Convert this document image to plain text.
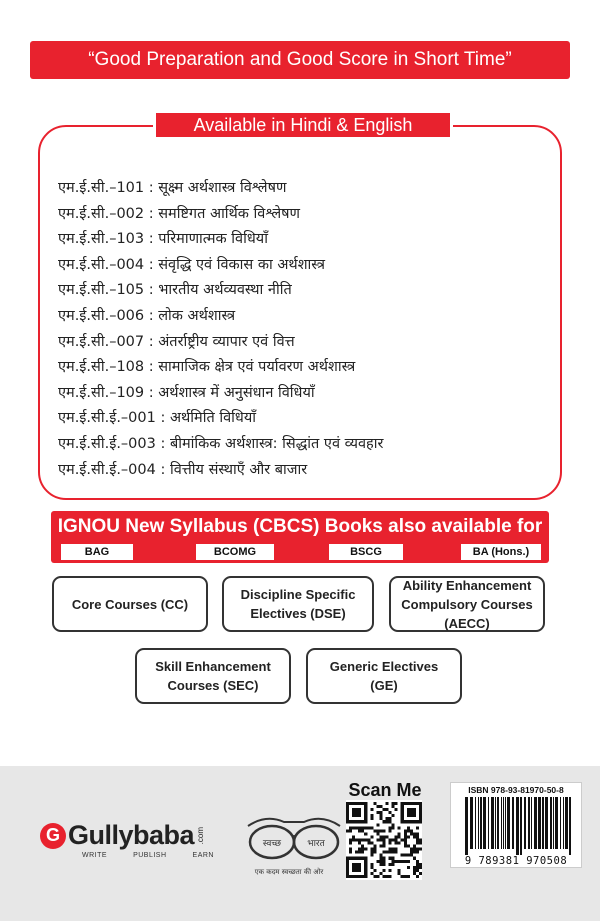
“Good Preparation and Good Score in Short Time”
Available in Hindi & English
एम.ई.सी.–101 : सूक्ष्म अर्थशास्त्र विश्लेषण
एम.ई.सी.–002 : समष्टिगत आर्थिक विश्लेषण
एम.ई.सी.–103 : परिमाणात्मक विधियाँ
एम.ई.सी.–004 : संवृद्धि एवं विकास का अर्थशास्त्र
एम.ई.सी.–105 : भारतीय अर्थव्यवस्था नीति
एम.ई.सी.–006 : लोक अर्थशास्त्र
एम.ई.सी.–007 : अंतर्राष्ट्रीय व्यापार एवं वित्त
एम.ई.सी.–108 : सामाजिक क्षेत्र एवं पर्यावरण अर्थशास्त्र
एम.ई.सी.–109 : अर्थशास्त्र में अनुसंधान विधियाँ
एम.ई.सी.ई.–001 : अर्थमिति विधियाँ
एम.ई.सी.ई.–003 : बीमांकिक अर्थशास्त्र: सिद्धांत एवं व्यवहार
एम.ई.सी.ई.–004 : वित्तीय संस्थाएँ और बाजार
IGNOU New Syllabus (CBCS) Books also available for
BAG	BCOMG	BSCG	BA (Hons.)
Core Courses (CC)
Discipline Specific
Electives (DSE)
Ability Enhancement
Compulsory Courses
(AECC)
Skill Enhancement
Courses (SEC)
Generic Electives
(GE)
G Gullybaba .com
WRITE	PUBLISH	EARN
स्वच्छ	भारत
एक कदम स्वच्छता की ओर
Scan Me	ISBN 978-93-81970-50-8
9 789381 970508
